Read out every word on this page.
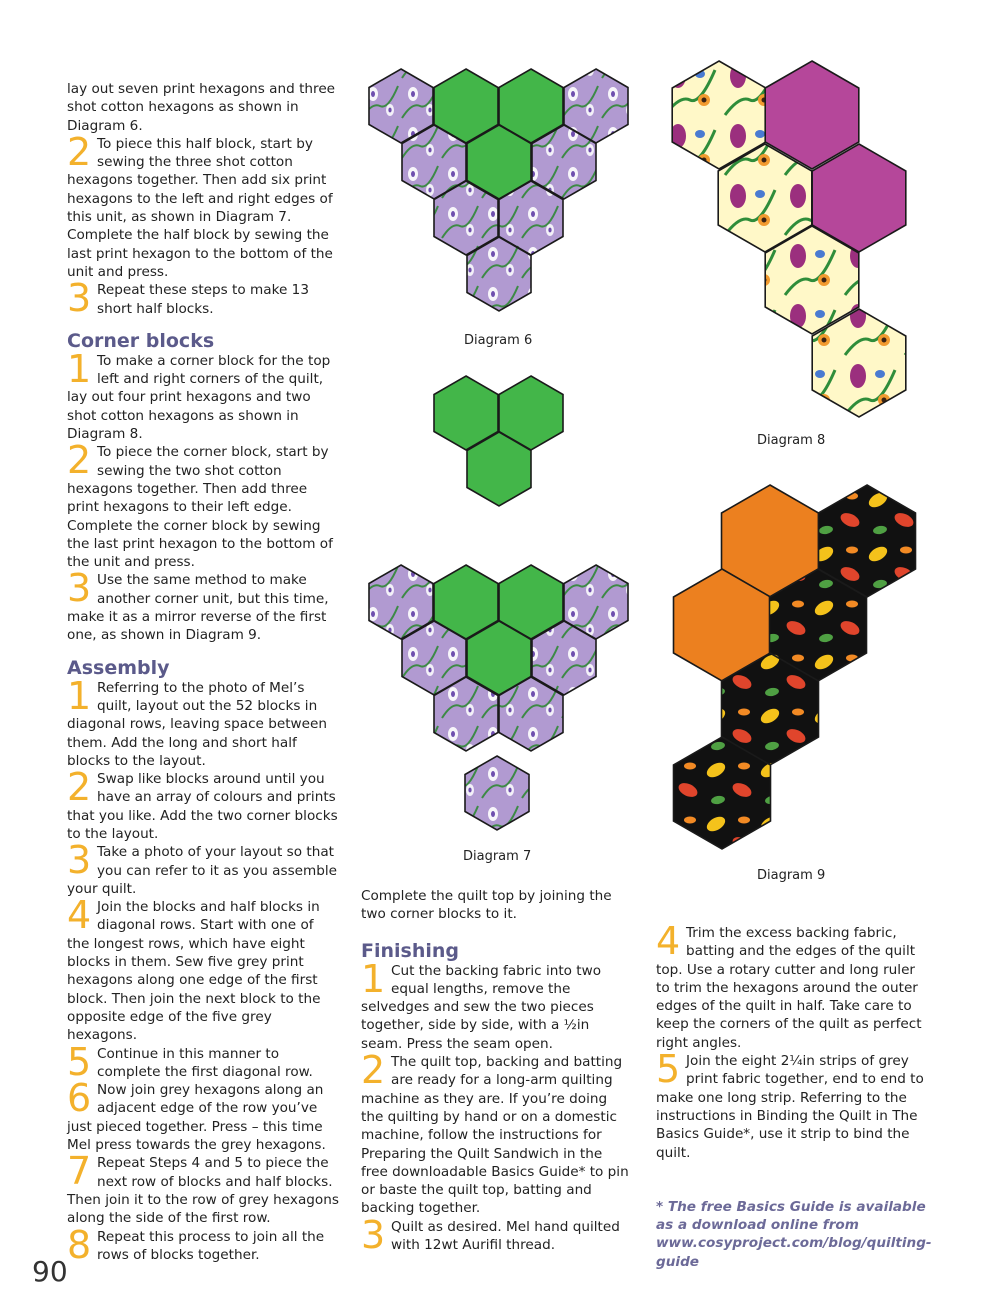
lay out seven print hexagons and three shot cotton hexagons as shown in Diagram 6.

2 To piece this half block, start by sewing the three shot cotton hexagons together. Then add six print hexagons to the left and right edges of this unit, as shown in Diagram 7. Complete the half block by sewing the last print hexagon to the bottom of the unit and press.
3 Repeat these steps to make 13 short half blocks.
Corner blocks
1 To make a corner block for the top left and right corners of the quilt, lay out four print hexagons and two shot cotton hexagons as shown in Diagram 8.
2 To piece the corner block, start by sewing the two shot cotton hexagons together. Then add three print hexagons to their left edge. Complete the corner block by sewing the last print hexagon to the bottom of the unit and press.
3 Use the same method to make another corner unit, but this time, make it as a mirror reverse of the first one, as shown in Diagram 9.
Assembly
1 Referring to the photo of Mel’s quilt, layout out the 52 blocks in diagonal rows, leaving space between them. Add the long and short half blocks to the layout.
2 Swap like blocks around until you have an array of colours and prints that you like. Add the two corner blocks to the layout.
3 Take a photo of your layout so that you can refer to it as you assemble your quilt.
4 Join the blocks and half blocks in diagonal rows. Start with one of the longest rows, which have eight blocks in them. Sew five grey print hexagons along one edge of the first block. Then join the next block to the opposite edge of the five grey hexagons.
5 Continue in this manner to complete the first diagonal row.
6 Now join grey hexagons along an adjacent edge of the row you’ve just pieced together. Press – this time Mel press towards the grey hexagons.
7 Repeat Steps 4 and 5 to piece the next row of blocks and half blocks. Then join it to the row of grey hexagons along the side of the first row.
8 Repeat this process to join all the rows of blocks together.
Diagram 6
Diagram 7

Complete the quilt top by joining the two corner blocks to it.

Finishing
1 Cut the backing fabric into two equal lengths, remove the selvedges and sew the two pieces together, side by side, with a ½in seam. Press the seam open.
2 The quilt top, backing and batting are ready for a long-arm quilting machine as they are. If you’re doing the quilting by hand or on a domestic machine, follow the instructions for Preparing the Quilt Sandwich in the free downloadable Basics Guide* to pin or baste the quilt top, batting and backing together.
3 Quilt as desired. Mel hand quilted with 12wt Aurifil thread.
Diagram 8
Diagram 9
4 Trim the excess backing fabric, batting and the edges of the quilt top. Use a rotary cutter and long ruler to trim the hexagons around the outer edges of the quilt in half. Take care to keep the corners of the quilt as perfect right angles.
5 Join the eight 2¼in strips of grey print fabric together, end to end to make one long strip. Referring to the instructions in Binding the Quilt in The Basics Guide*, use it strip to bind the quilt.

* The free Basics Guide is available as a download online from www.cosyproject.com/blog/quilting-guide

90
